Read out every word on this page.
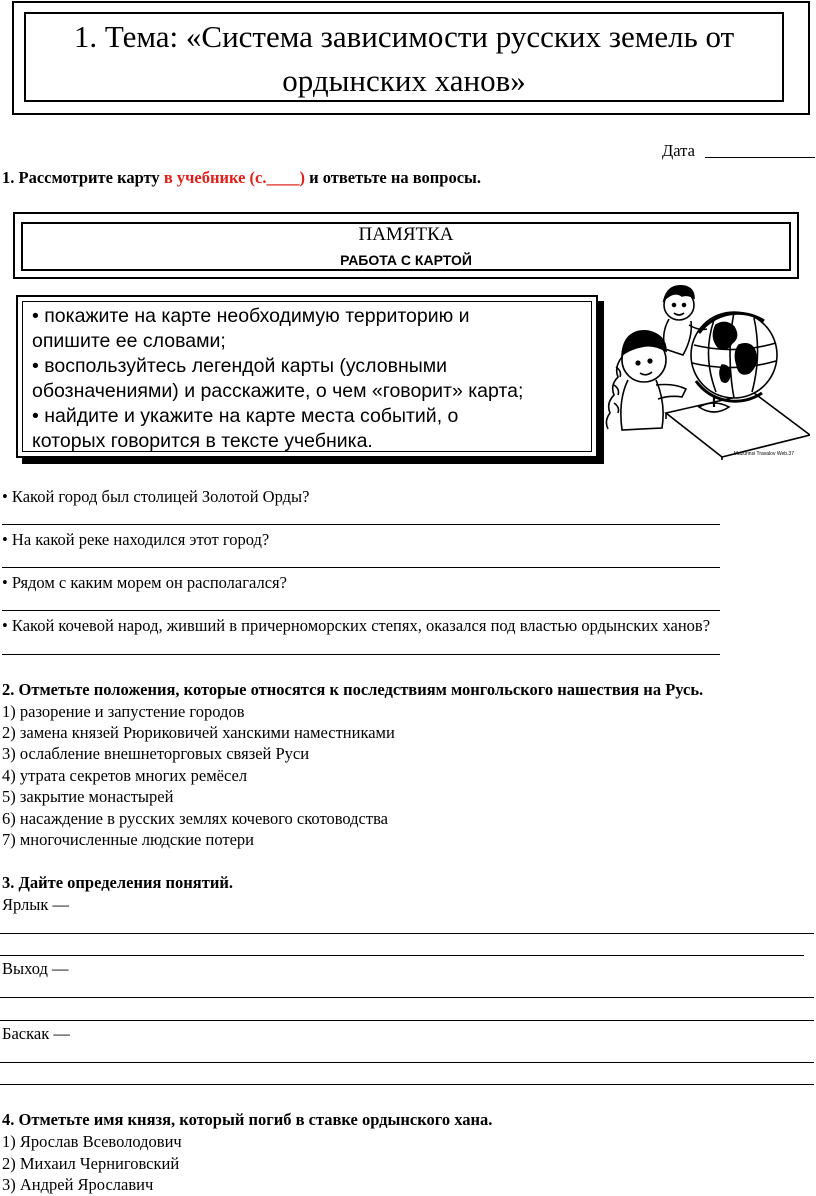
1. Тема: «Система зависимости русских земель от
ордынских ханов»
Дата
1. Рассмотрите карту в учебнике (с.____) и ответьте на вопросы.
ПАМЯТКА
РАБОТА С КАРТОЙ
• покажите на карте необходимую территорию и
опишите ее словами;
• воспользуйтесь легендой карты (условными
обозначениями) и расскажите, о чем «говорит» карта;
• найдите и укажите на карте места событий, о
которых говорится в тексте учебника.
Mazurinsi Travalov Web.37
• Какой город был столицей Золотой Орды?
• На какой реке находился этот город?
• Рядом с каким морем он располагался?
• Какой кочевой народ, живший в причерноморских степях, оказался под властью ордынских ханов?
2. Отметьте положения, которые относятся к последствиям монгольского нашествия на Русь.
1) разорение и запустение городов
2) замена князей Рюриковичей ханскими наместниками
3) ослабление внешнеторговых связей Руси
4) утрата секретов многих ремёсел
5) закрытие монастырей
6) насаждение в русских землях кочевого скотоводства
7) многочисленные людские потери
3. Дайте определения понятий.
Ярлык —
Выход —
Баскак —
4. Отметьте имя князя, который погиб в ставке ордынского хана.
1) Ярослав Всеволодович
2) Михаил Черниговский
3) Андрей Ярославич
